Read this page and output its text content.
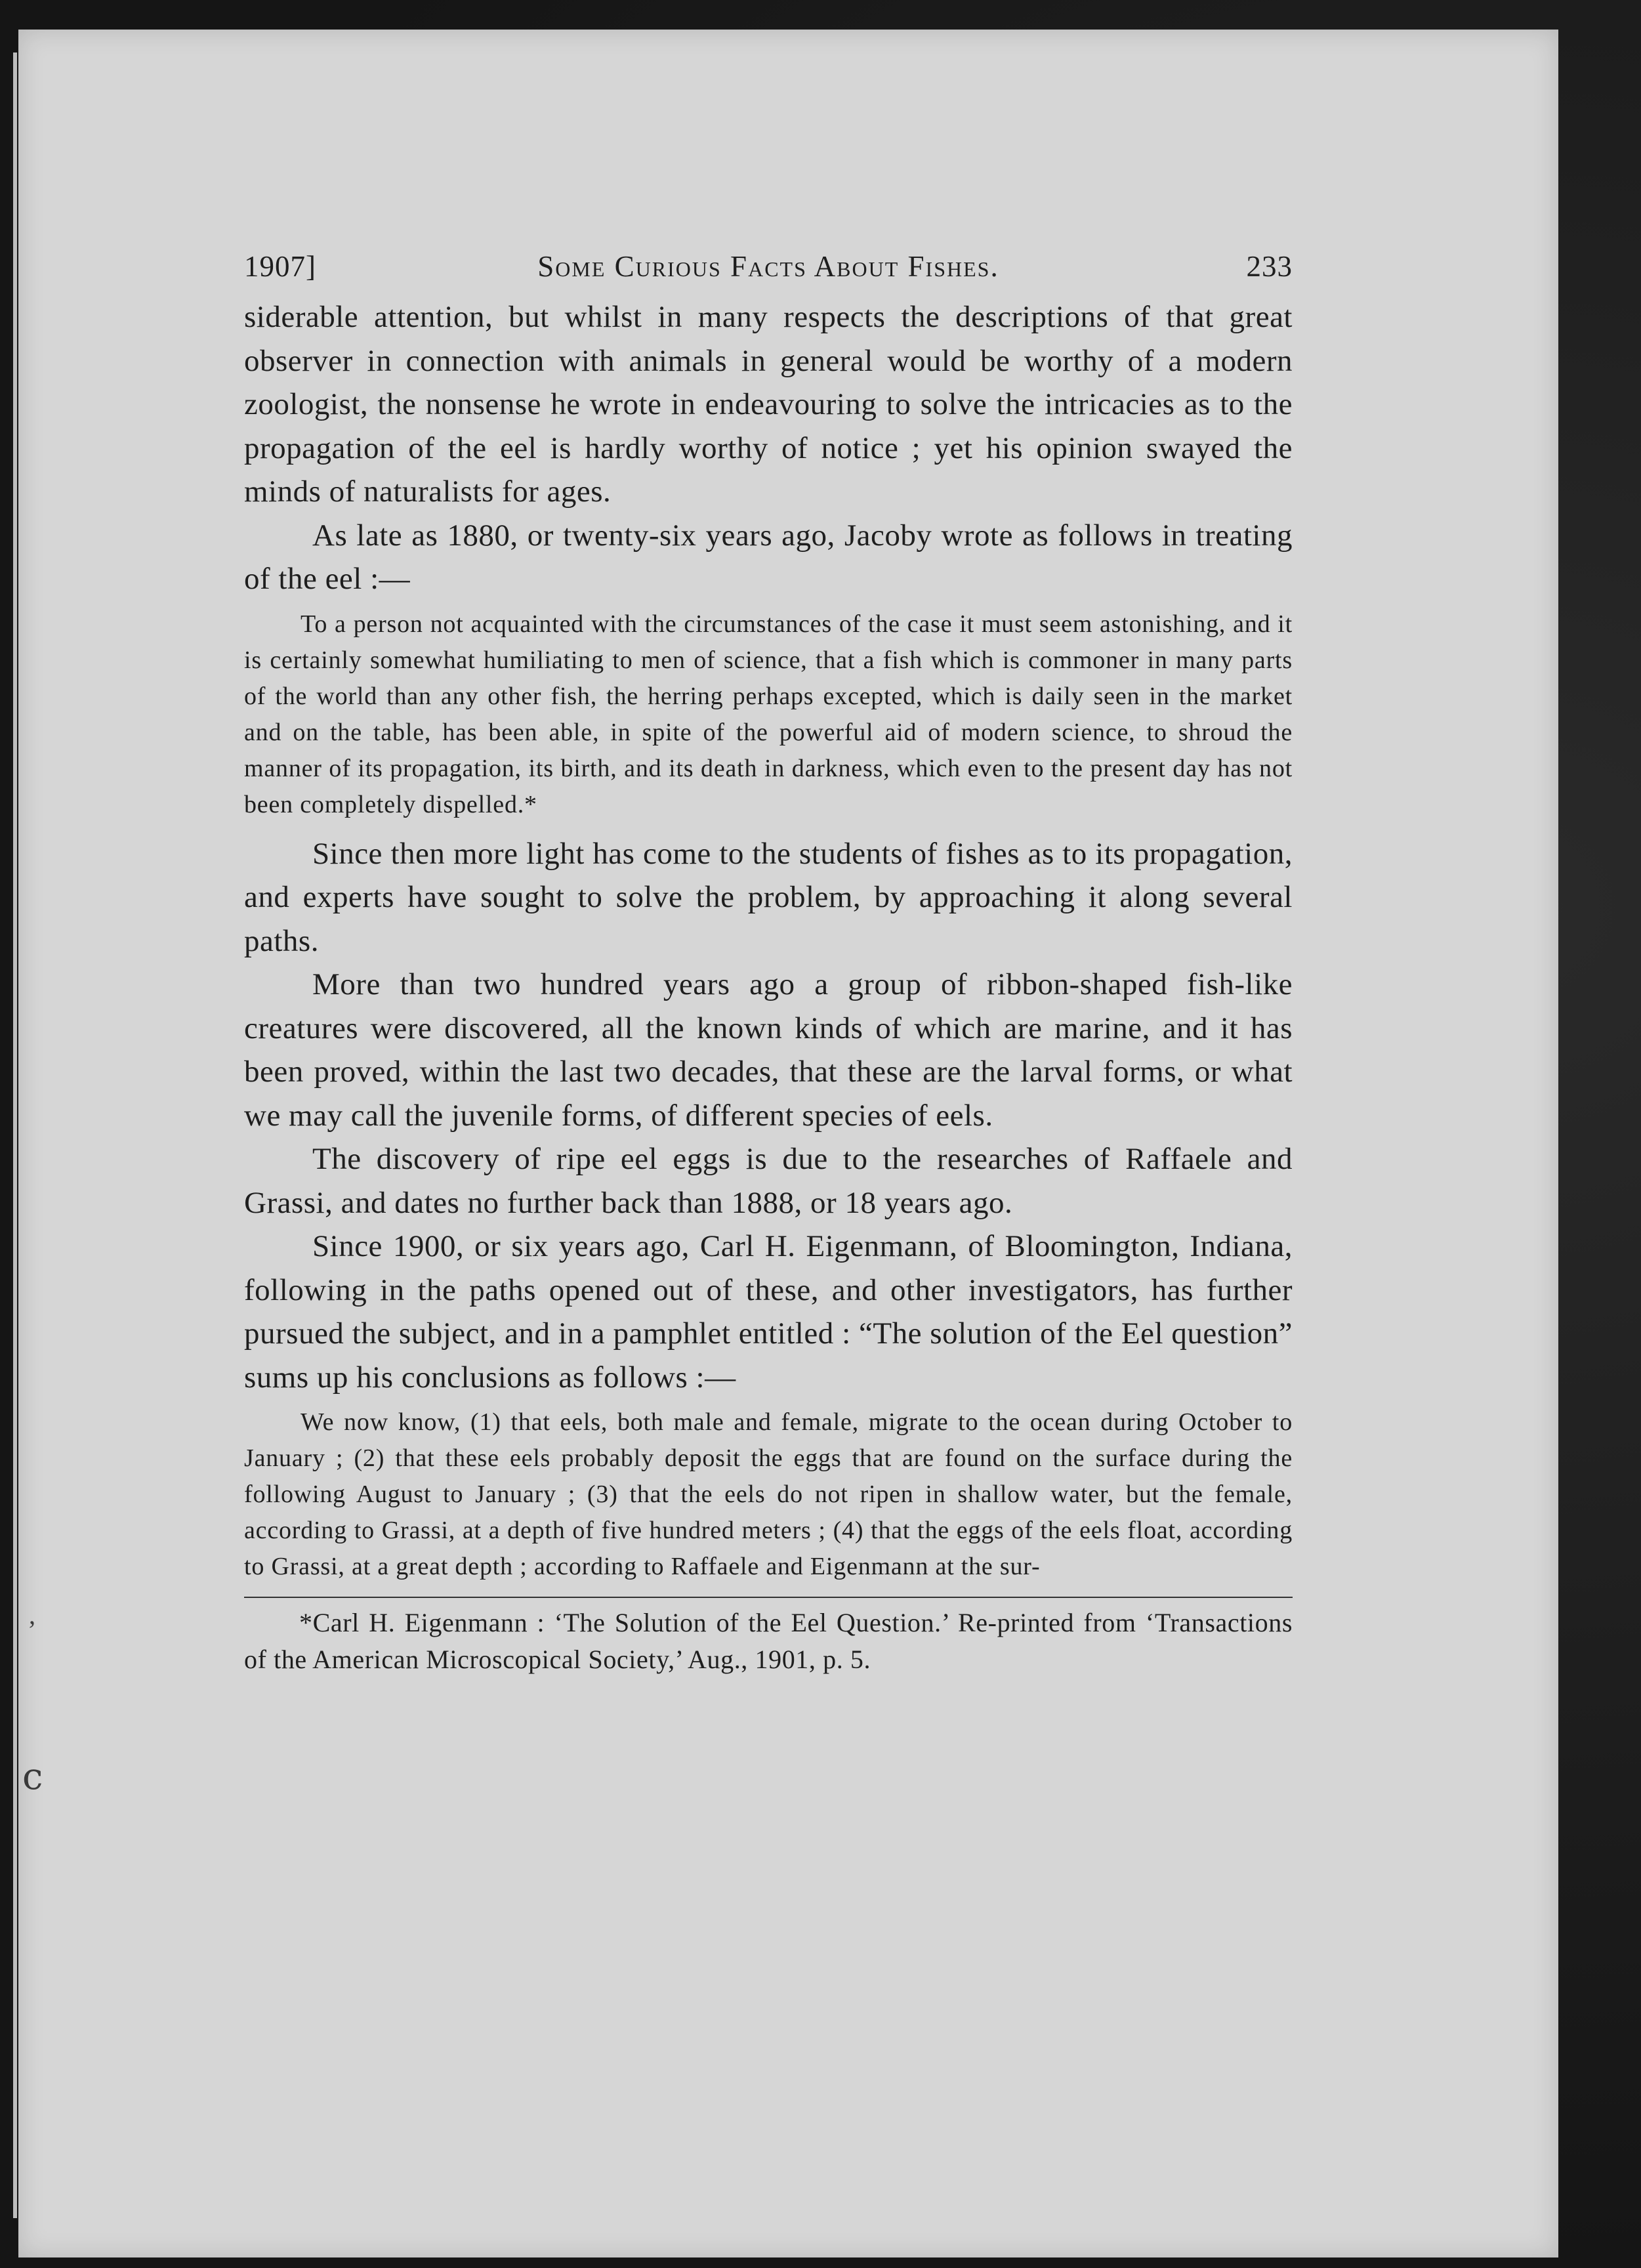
’
ⅽ
1907]	Some Curious Facts About Fishes.	233

siderable attention, but whilst in many respects the descriptions of that great observer in connection with animals in general would be worthy of a modern zoologist, the nonsense he wrote in endeavouring to solve the intricacies as to the propagation of the eel is hardly worthy of notice ; yet his opinion swayed the minds of naturalists for ages.

As late as 1880, or twenty-six years ago, Jacoby wrote as follows in treating of the eel :—

To a person not acquainted with the circumstances of the case it must seem astonishing, and it is certainly somewhat humiliating to men of science, that a fish which is commoner in many parts of the world than any other fish, the herring perhaps excepted, which is daily seen in the market and on the table, has been able, in spite of the powerful aid of modern science, to shroud the manner of its propagation, its birth, and its death in darkness, which even to the present day has not been completely dispelled.*

Since then more light has come to the students of fishes as to its propagation, and experts have sought to solve the problem, by approaching it along several paths.

More than two hundred years ago a group of ribbon-shaped fish-like creatures were discovered, all the known kinds of which are marine, and it has been proved, within the last two decades, that these are the larval forms, or what we may call the juvenile forms, of different species of eels.

The discovery of ripe eel eggs is due to the researches of Raffaele and Grassi, and dates no further back than 1888, or 18 years ago.

Since 1900, or six years ago, Carl H. Eigenmann, of Bloomington, Indiana, following in the paths opened out of these, and other investigators, has further pursued the subject, and in a pamphlet entitled : “The solution of the Eel question” sums up his conclusions as follows :—

We now know, (1) that eels, both male and female, migrate to the ocean during October to January ; (2) that these eels probably deposit the eggs that are found on the surface during the following August to January ; (3) that the eels do not ripen in shallow water, but the female, according to Grassi, at a depth of five hundred meters ; (4) that the eggs of the eels float, according to Grassi, at a great depth ; according to Raffaele and Eigenmann at the sur-

*Carl H. Eigenmann : ‘The Solution of the Eel Question.’ Re-printed from ‘Transactions of the American Microscopical Society,’ Aug., 1901, p. 5.
